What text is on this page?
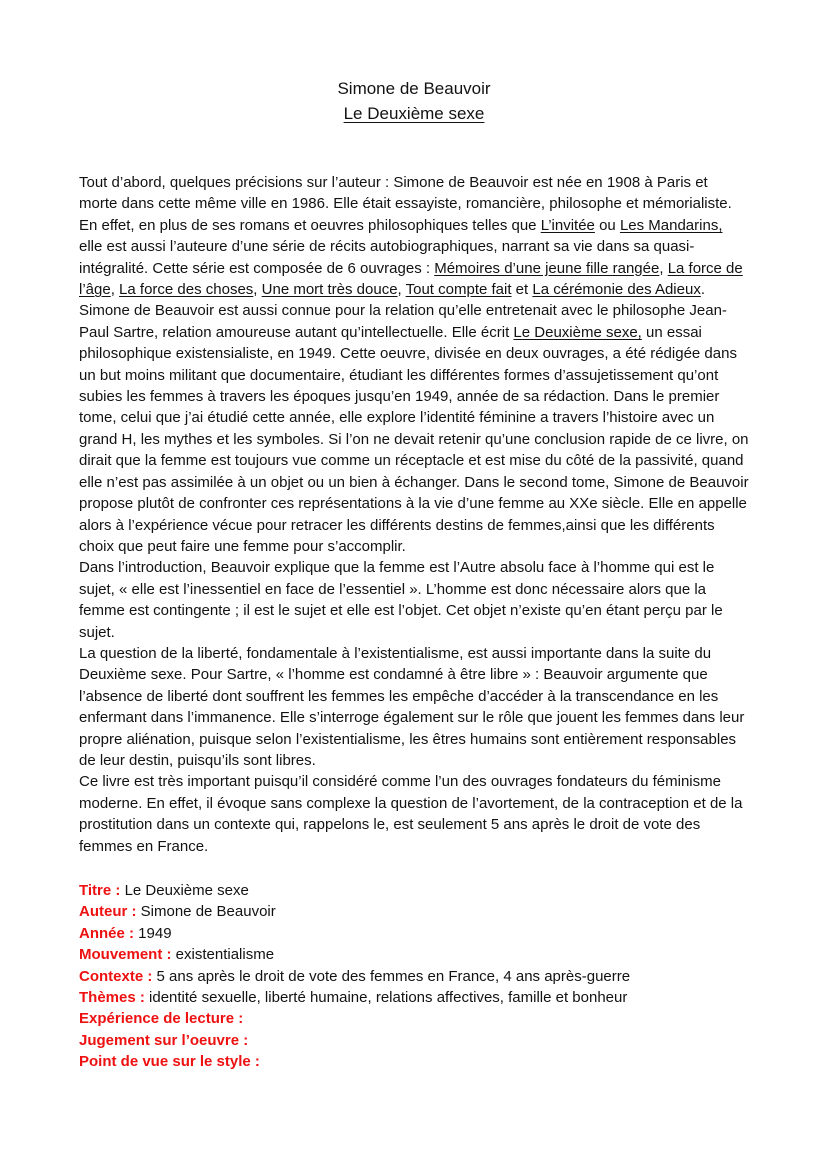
Simone de Beauvoir
Le Deuxième sexe

Tout d’abord, quelques précisions sur l’auteur : Simone de Beauvoir est née en 1908 à Paris et morte dans cette même ville en 1986. Elle était essayiste, romancière, philosophe et mémorialiste. En effet, en plus de ses romans et oeuvres philosophiques telles que L’invitée ou Les Mandarins, elle est aussi l’auteure d’une série de récits autobiographiques, narrant sa vie dans sa quasi-intégralité. Cette série est composée de 6 ouvrages : Mémoires d’une jeune fille rangée, La force de l’âge, La force des choses, Une mort très douce, Tout compte fait et La cérémonie des Adieux. Simone de Beauvoir est aussi connue pour la relation qu’elle entretenait avec le philosophe Jean-Paul Sartre, relation amoureuse autant qu’intellectuelle. Elle écrit Le Deuxième sexe, un essai philosophique existensialiste, en 1949. Cette oeuvre, divisée en deux ouvrages, a été rédigée dans un but moins militant que documentaire, étudiant les différentes formes d’assujetissement qu’ont subies les femmes à travers les époques jusqu’en 1949, année de sa rédaction. Dans le premier tome, celui que j’ai étudié cette année, elle explore l’identité féminine a travers l’histoire avec un grand H, les mythes et les symboles. Si l’on ne devait retenir qu’une conclusion rapide de ce livre, on dirait que la femme est toujours vue comme un réceptacle et est mise du côté de la passivité, quand elle n’est pas assimilée à un objet ou un bien à échanger. Dans le second tome, Simone de Beauvoir propose plutôt de confronter ces représentations à la vie d’une femme au XXe siècle. Elle en appelle alors à l’expérience vécue pour retracer les différents destins de femmes,ainsi que les différents choix que peut faire une femme pour s’accomplir.

Dans l’introduction, Beauvoir explique que la femme est l’Autre absolu face à l’homme qui est le sujet, « elle est l’inessentiel en face de l’essentiel ». L’homme est donc nécessaire alors que la femme est contingente ; il est le sujet et elle est l’objet. Cet objet n’existe qu’en étant perçu par le sujet.

La question de la liberté, fondamentale à l’existentialisme, est aussi importante dans la suite du Deuxième sexe. Pour Sartre, « l’homme est condamné à être libre » : Beauvoir argumente que l’absence de liberté dont souffrent les femmes les empêche d’accéder à la transcendance en les enfermant dans l’immanence. Elle s’interroge également sur le rôle que jouent les femmes dans leur propre aliénation, puisque selon l’existentialisme, les êtres humains sont entièrement responsables de leur destin, puisqu’ils sont libres.

Ce livre est très important puisqu’il considéré comme l’un des ouvrages fondateurs du féminisme moderne. En effet, il évoque sans complexe la question de l’avortement, de la contraception et de la prostitution dans un contexte qui, rappelons le, est seulement 5 ans après le droit de vote des femmes en France.

Titre : Le Deuxième sexe
Auteur : Simone de Beauvoir
Année : 1949
Mouvement : existentialisme
Contexte : 5 ans après le droit de vote des femmes en France, 4 ans après-guerre
Thèmes : identité sexuelle, liberté humaine, relations affectives, famille et bonheur
Expérience de lecture :
Jugement sur l’oeuvre :
Point de vue sur le style :
